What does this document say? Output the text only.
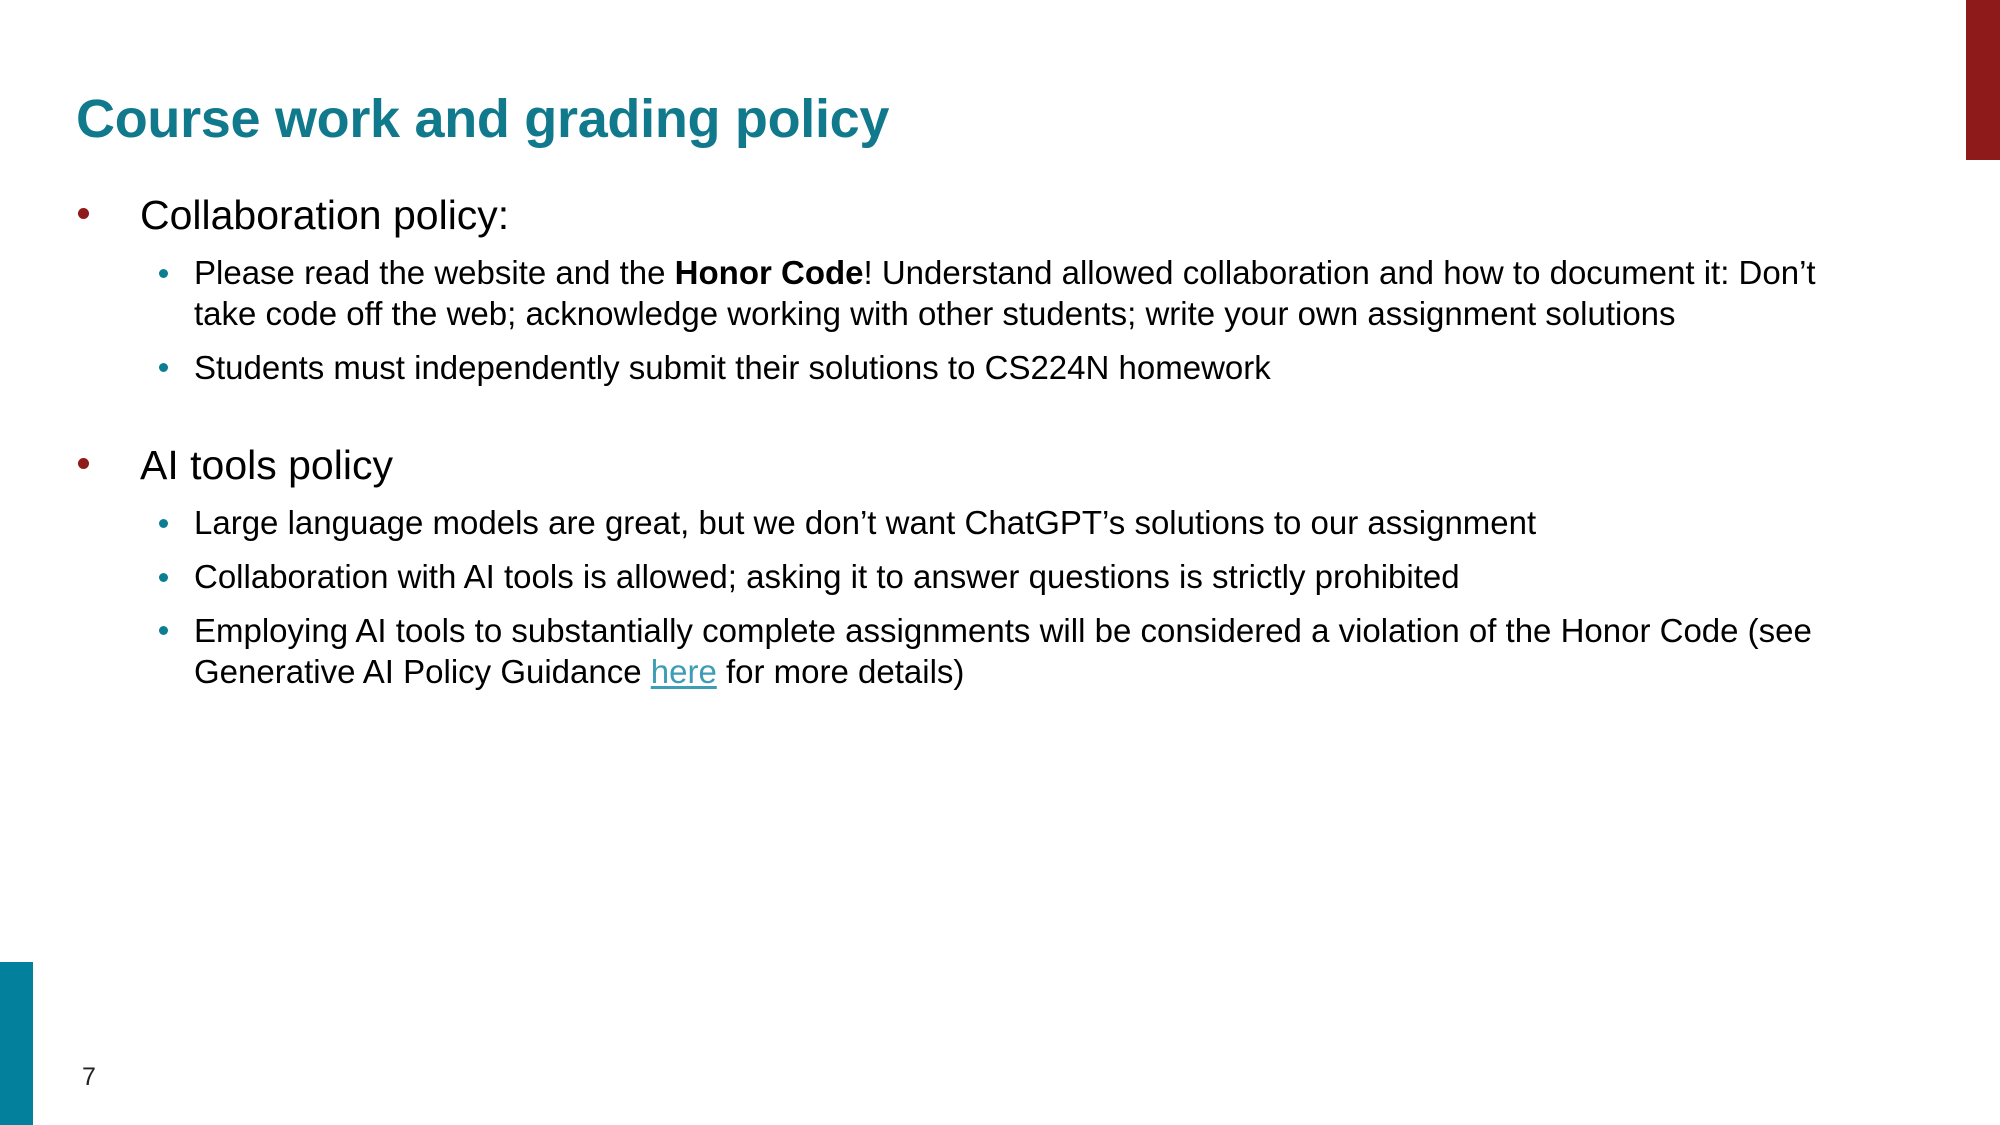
Course work and grading policy
Collaboration policy:
Please read the website and the Honor Code! Understand allowed collaboration and how to document it: Don’t take code off the web; acknowledge working with other students; write your own assignment solutions
Students must independently submit their solutions to CS224N homework
AI tools policy
Large language models are great, but we don’t want ChatGPT’s solutions to our assignment
Collaboration with AI tools is allowed; asking it to answer questions is strictly prohibited
Employing AI tools to substantially complete assignments will be considered a violation of the Honor Code (see Generative AI Policy Guidance here for more details)
7
